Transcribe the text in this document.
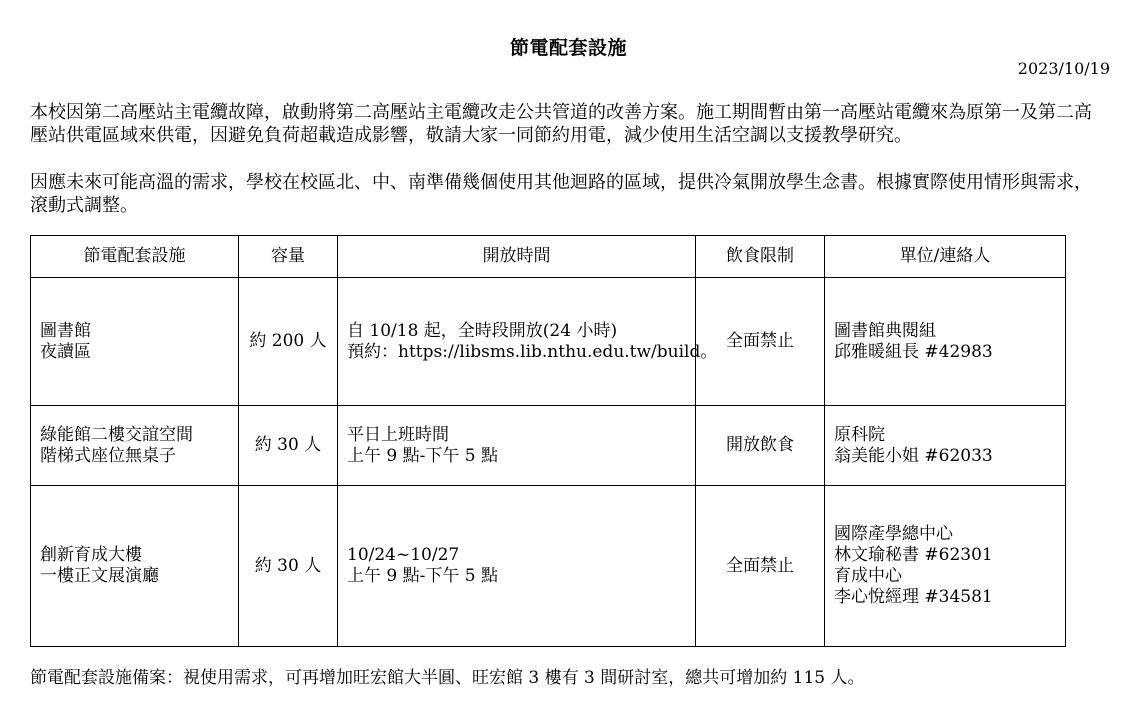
節電配套設施
2023/10/19

本校因第二高壓站主電纜故障，啟動將第二高壓站主電纜改走公共管道的改善方案。施工期間暫由第一高壓站電纜來為原第一及第二高壓站供電區域來供電，因避免負荷超載造成影響，敬請大家一同節約用電，減少使用生活空調以支援教學研究。

因應未來可能高溫的需求，學校在校區北、中、南準備幾個使用其他迴路的區域，提供冷氣開放學生念書。根據實際使用情形與需求，滾動式調整。

節電配套設施	容量	開放時間	飲食限制	單位/連絡人

圖書館
夜讀區	約 200 人	自 10/18 起，全時段開放(24 小時)
預約：https://libsms.lib.nthu.edu.tw/build。	全面禁止	圖書館典閱組
邱雅暖組長 #42983

綠能館二樓交誼空間
階梯式座位無桌子	約 30 人	平日上班時間
上午 9 點-下午 5 點	開放飲食	原科院
翁美能小姐 #62033

創新育成大樓
一樓正文展演廳	約 30 人	10/24~10/27
上午 9 點-下午 5 點	全面禁止	國際產學總中心
林文瑜秘書 #62301
育成中心
李心悅經理 #34581

節電配套設施備案：視使用需求，可再增加旺宏館大半圓、旺宏館 3 樓有 3 間研討室，總共可增加約 115 人。
